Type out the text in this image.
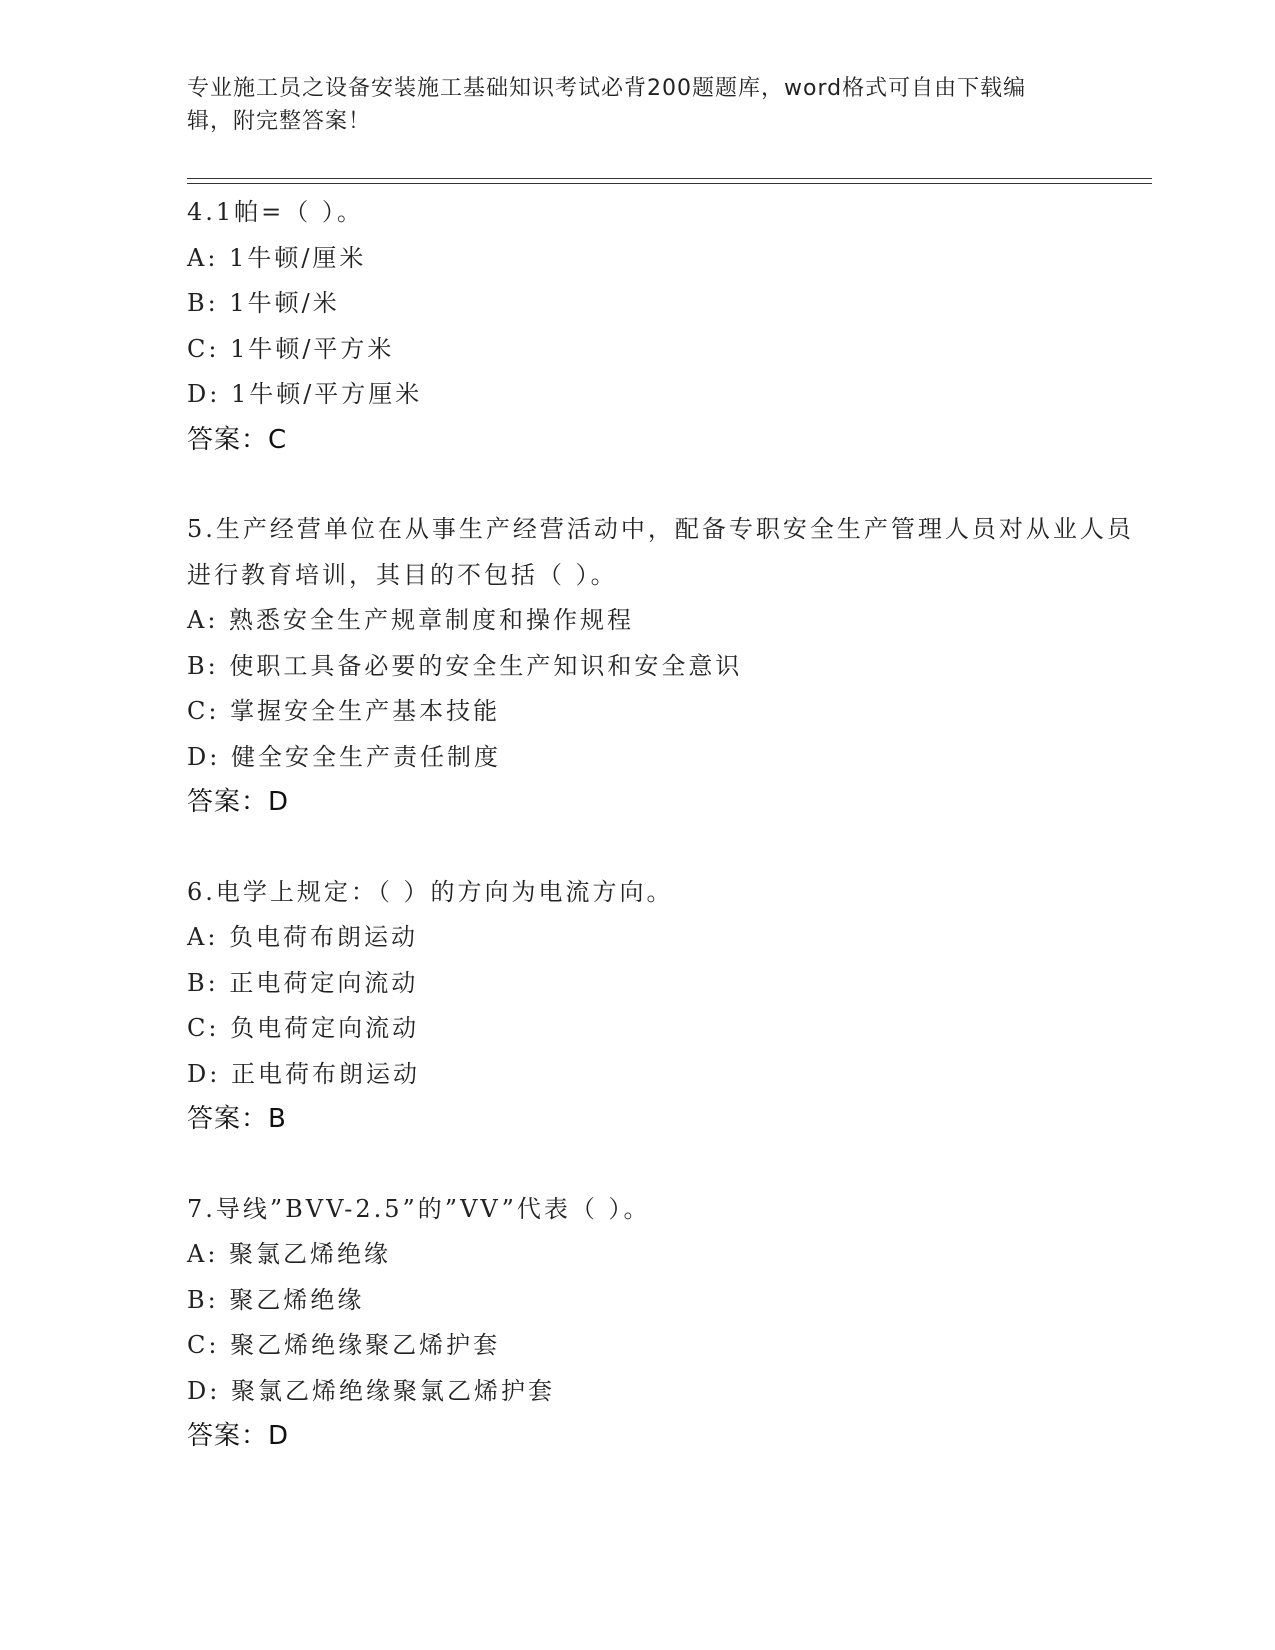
专业施工员之设备安装施工基础知识考试必背200题题库，word格式可自由下载编辑，附完整答案！
4.1帕=（ ）。
A: 1牛顿/厘米
B: 1牛顿/米
C: 1牛顿/平方米
D: 1牛顿/平方厘米
答案：C
5.生产经营单位在从事生产经营活动中，配备专职安全生产管理人员对从业人员进行教育培训，其目的不包括（ ）。
A: 熟悉安全生产规章制度和操作规程
B: 使职工具备必要的安全生产知识和安全意识
C: 掌握安全生产基本技能
D: 健全安全生产责任制度
答案：D
6.电学上规定：（ ）的方向为电流方向。
A: 负电荷布朗运动
B: 正电荷定向流动
C: 负电荷定向流动
D: 正电荷布朗运动
答案：B
7.导线”BVV-2.5”的”VV”代表（ ）。
A: 聚氯乙烯绝缘
B: 聚乙烯绝缘
C: 聚乙烯绝缘聚乙烯护套
D: 聚氯乙烯绝缘聚氯乙烯护套
答案：D
